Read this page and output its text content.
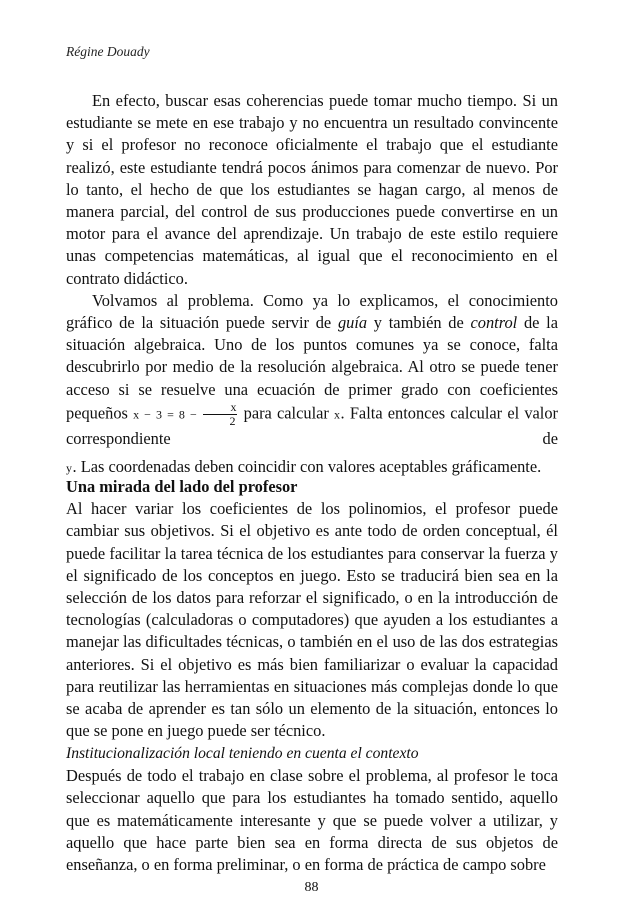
Régine Douady

En efecto, buscar esas coherencias puede tomar mucho tiempo. Si un estudiante se mete en ese trabajo y no encuentra un resultado convincente y si el profesor no reconoce oficialmente el trabajo que el estudiante realizó, este estudiante tendrá pocos ánimos para comenzar de nuevo. Por lo tanto, el hecho de que los estudiantes se hagan cargo, al menos de manera parcial, del control de sus producciones puede convertirse en un motor para el avance del aprendizaje. Un trabajo de este estilo requiere unas competencias matemáticas, al igual que el reconocimiento en el contrato didáctico.

Volvamos al problema. Como ya lo explicamos, el conocimiento gráfico de la situación puede servir de guía y también de control de la situación algebraica. Uno de los puntos comunes ya se conoce, falta descubrirlo por medio de la resolución algebraica. Al otro se puede tener acceso si se resuelve una ecuación de primer grado con coeficientes pequeños $x - 3 = 8 - \frac{x}{2}$ para calcular x. Falta entonces calcular el valor correspondiente de

y. Las coordenadas deben coincidir con valores aceptables gráficamente.

Una mirada del lado del profesor

Al hacer variar los coeficientes de los polinomios, el profesor puede cambiar sus objetivos. Si el objetivo es ante todo de orden conceptual, él puede facilitar la tarea técnica de los estudiantes para conservar la fuerza y el significado de los conceptos en juego. Esto se traducirá bien sea en la selección de los datos para reforzar el significado, o en la introducción de tecnologías (calculadoras o computadores) que ayuden a los estudiantes a manejar las dificultades técnicas, o también en el uso de las dos estrategias anteriores. Si el objetivo es más bien familiarizar o evaluar la capacidad para reutilizar las herramientas en situaciones más complejas donde lo que se acaba de aprender es tan sólo un elemento de la situación, entonces lo que se pone en juego puede ser técnico.

Institucionalización local teniendo en cuenta el contexto

Después de todo el trabajo en clase sobre el problema, al profesor le toca seleccionar aquello que para los estudiantes ha tomado sentido, aquello que es matemáticamente interesante y que se puede volver a utilizar, y aquello que hace parte bien sea en forma directa de sus objetos de enseñanza, o en forma preliminar, o en forma de práctica de campo sobre

88
